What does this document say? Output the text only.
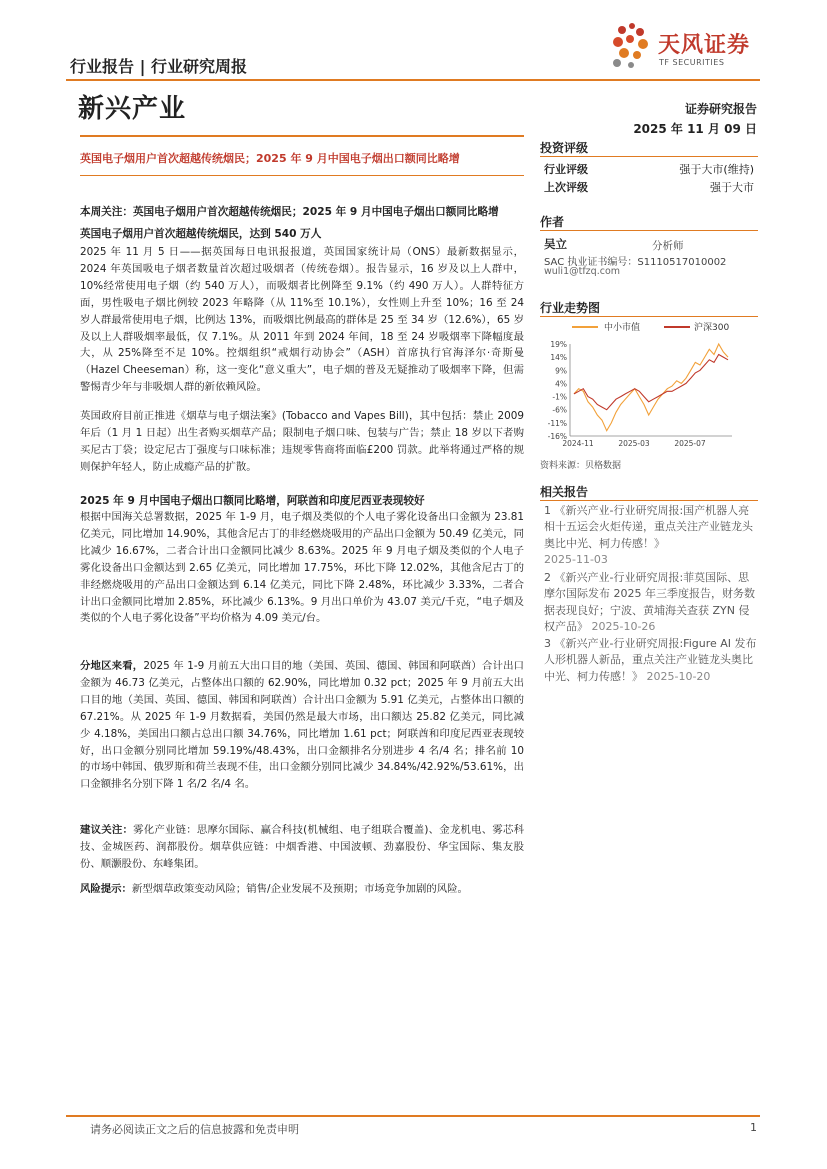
天风证券
TF SECURITIES
行业报告 | 行业研究周报
新兴产业	证券研究报告
2025 年 11 月 09 日
英国电子烟用户首次超越传统烟民；2025 年 9 月中国电子烟出口额同比略增
投资评级
行业评级	强于大市(维持)
上次评级	强于大市
作者
吴立	分析师
SAC 执业证书编号：S1110517010002
wuli1@tfzq.com
行业走势图
中小市值	沪深300
19%
14%
9%
4%
-1%
-6%
-11%
-16%
2024-11	2025-03	2025-07
资料来源：贝格数据
相关报告
1 《新兴产业-行业研究周报:国产机器人亮相十五运会火炬传递，重点关注产业链龙头奥比中光、柯力传感！》
2025-11-03
2 《新兴产业-行业研究周报:菲莫国际、思摩尔国际发布 2025 年三季度报告，财务数据表现良好；宁波、黄埔海关查获 ZYN 侵权产品》 2025-10-26
3 《新兴产业-行业研究周报:Figure AI 发布人形机器人新品，重点关注产业链龙头奥比中光、柯力传感！》 2025-10-20
本周关注：英国电子烟用户首次超越传统烟民；2025 年 9 月中国电子烟出口额同比略增
英国电子烟用户首次超越传统烟民，达到 540 万人
2025 年 11 月 5 日——据英国每日电讯报报道，英国国家统计局（ONS）最新数据显示，2024 年英国吸电子烟者数量首次超过吸烟者（传统卷烟）。报告显示，16 岁及以上人群中，10%经常使用电子烟（约 540 万人），而吸烟者比例降至 9.1%（约 490 万人）。人群特征方面，男性吸电子烟比例较 2023 年略降（从 11%至 10.1%），女性则上升至 10%；16 至 24 岁人群最常使用电子烟，比例达 13%，而吸烟比例最高的群体是 25 至 34 岁（12.6%），65 岁及以上人群吸烟率最低，仅 7.1%。从 2011 年到 2024 年间，18 至 24 岁吸烟率下降幅度最大，从 25%降至不足 10%。控烟组织“戒烟行动协会”（ASH）首席执行官海泽尔·奇斯曼（Hazel Cheeseman）称，这一变化“意义重大”，电子烟的普及无疑推动了吸烟率下降，但需警惕青少年与非吸烟人群的新依赖风险。
英国政府目前正推进《烟草与电子烟法案》(Tobacco and Vapes Bill)，其中包括：禁止 2009 年后（1 月 1 日起）出生者购买烟草产品；限制电子烟口味、包装与广告；禁止 18 岁以下者购买尼古丁袋；设定尼古丁强度与口味标准；违规零售商将面临£200 罚款。此举将通过严格的规则保护年轻人，防止成瘾产品的扩散。
2025 年 9 月中国电子烟出口额同比略增，阿联酋和印度尼西亚表现较好
根据中国海关总署数据，2025 年 1-9 月，电子烟及类似的个人电子雾化设备出口金额为 23.81 亿美元，同比增加 14.90%，其他含尼古丁的非经燃烧吸用的产品出口金额为 50.49 亿美元，同比减少 16.67%，二者合计出口金额同比减少 8.63%。2025 年 9 月电子烟及类似的个人电子雾化设备出口金额达到 2.65 亿美元，同比增加 17.75%，环比下降 12.02%，其他含尼古丁的非经燃烧吸用的产品出口金额达到 6.14 亿美元，同比下降 2.48%，环比减少 3.33%，二者合计出口金额同比增加 2.85%，环比减少 6.13%。9 月出口单价为 43.07 美元/千克，“电子烟及类似的个人电子雾化设备”平均价格为 4.09 美元/台。
分地区来看，2025 年 1-9 月前五大出口目的地（美国、英国、德国、韩国和阿联酋）合计出口金额为 46.73 亿美元，占整体出口额的 62.90%，同比增加 0.32 pct；2025 年 9 月前五大出口目的地（美国、英国、德国、韩国和阿联酋）合计出口金额为 5.91 亿美元，占整体出口额的 67.21%。从 2025 年 1-9 月数据看，美国仍然是最大市场，出口额达 25.82 亿美元，同比减少 4.18%，美国出口额占总出口额 34.76%，同比增加 1.61 pct；阿联酋和印度尼西亚表现较好，出口金额分别同比增加 59.19%/48.43%，出口金额排名分别进步 4 名/4 名；排名前 10 的市场中韩国、俄罗斯和荷兰表现不佳，出口金额分别同比减少 34.84%/42.92%/53.61%，出口金额排名分别下降 1 名/2 名/4 名。
建议关注：雾化产业链：思摩尔国际、赢合科技(机械组、电子组联合覆盖)、金龙机电、雾芯科技、金城医药、润都股份。烟草供应链：中烟香港、中国波顿、劲嘉股份、华宝国际、集友股份、顺灏股份、东峰集团。
风险提示：新型烟草政策变动风险；销售/企业发展不及预期；市场竞争加剧的风险。
请务必阅读正文之后的信息披露和免责申明	1
